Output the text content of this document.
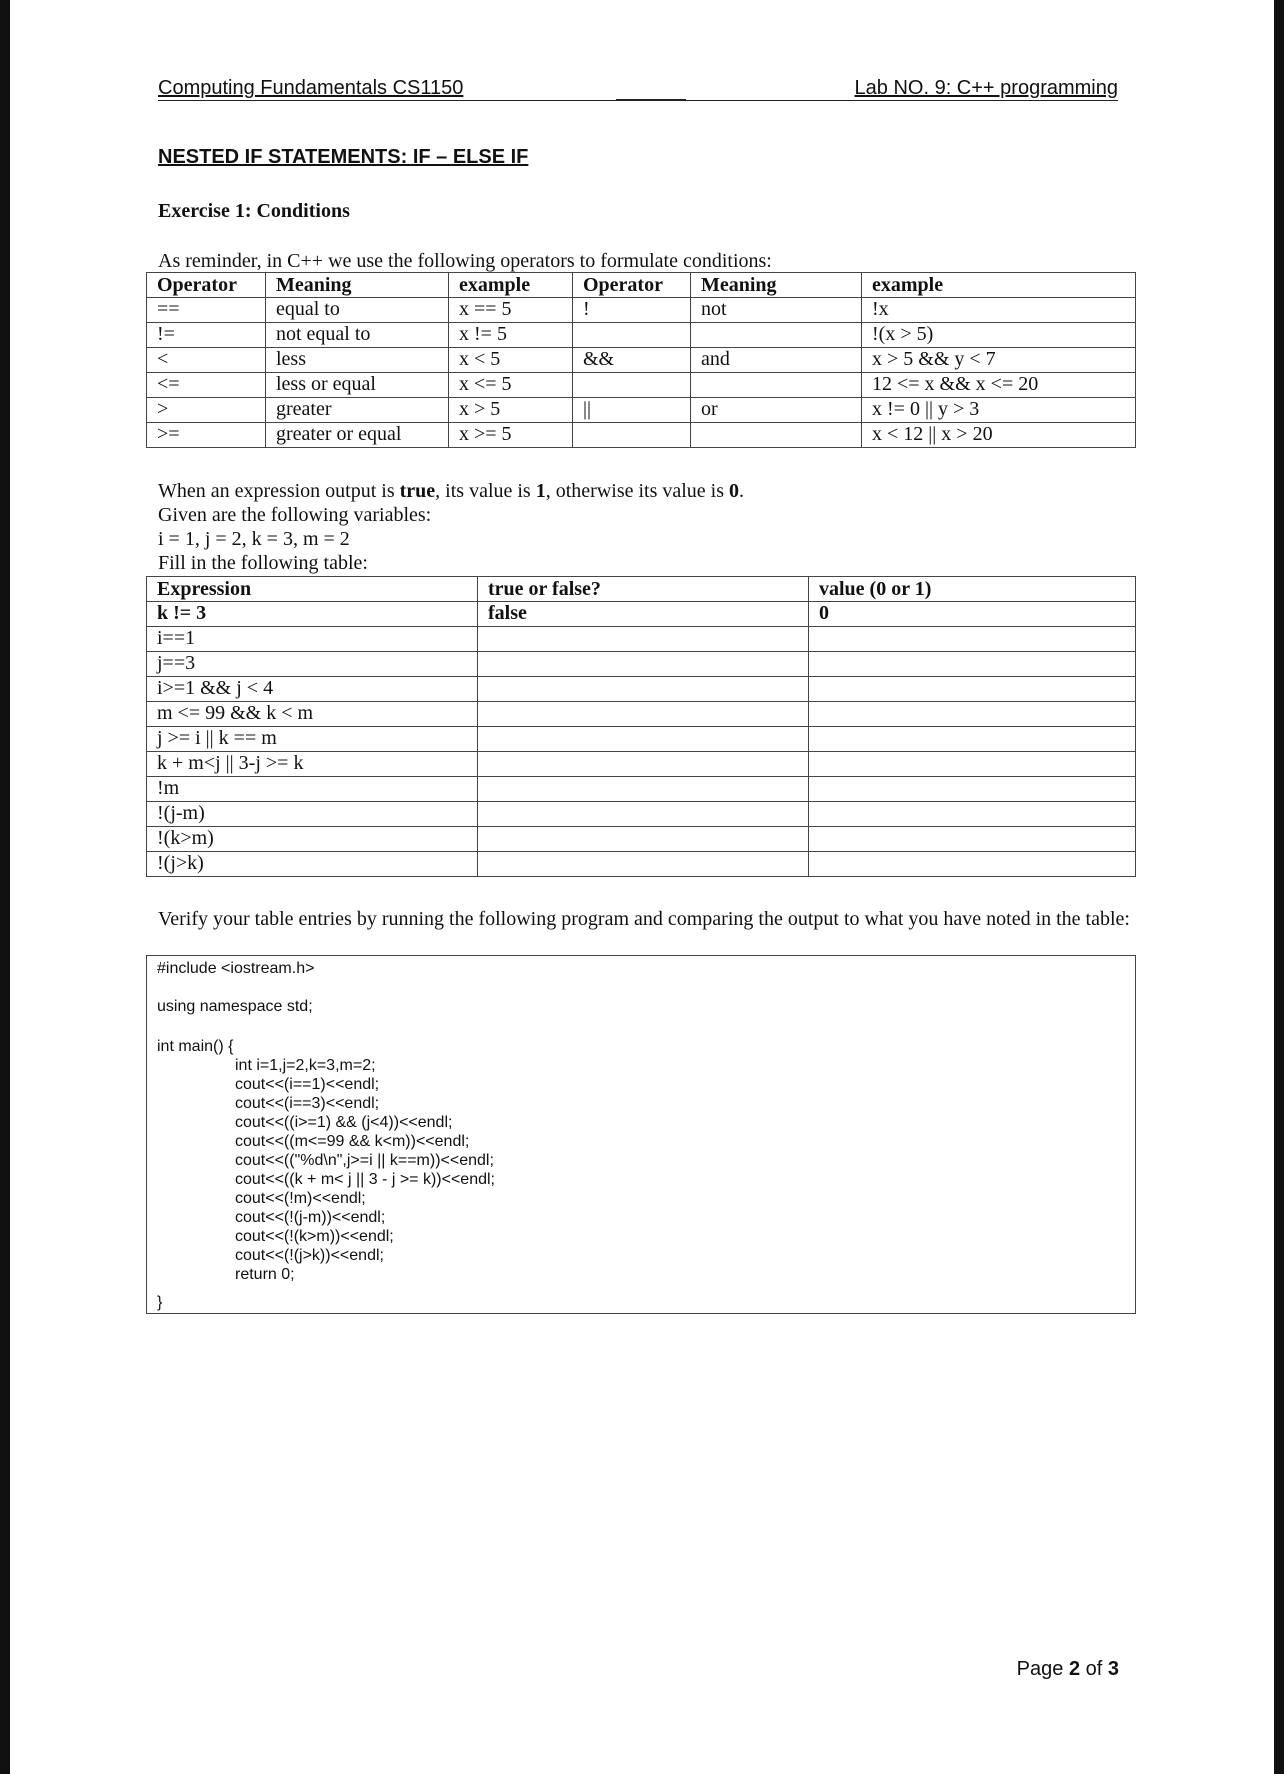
Computing Fundamentals CS1150	Lab NO. 9: C++ programming
NESTED IF STATEMENTS: IF – ELSE IF
Exercise 1: Conditions
As reminder, in C++ we use the following operators to formulate conditions:
Operator	Meaning	example	Operator	Meaning	example
==	equal to	x == 5	!	not	!x
!=	not equal to	x != 5			!(x > 5)
<	less	x < 5	&&	and	x > 5 && y < 7
<=	less or equal	x <= 5			12 <= x && x <= 20
>	greater	x > 5	||	or	x != 0 || y > 3
>=	greater or equal	x >= 5			x < 12 || x > 20
When an expression output is true, its value is 1, otherwise its value is 0.
Given are the following variables:
i = 1, j = 2, k = 3, m = 2
Fill in the following table:
Expression	true or false?	value (0 or 1)
k != 3	false	0
i==1		
j==3		
i>=1 && j < 4		
m <= 99 && k < m		
j >= i || k == m		
k + m<j || 3-j >= k		
!m		
!(j-m)		
!(k>m)		
!(j>k)		
Verify your table entries by running the following program and comparing the output to what you have noted in the table:
#include <iostream.h>
using namespace std;
int main() {
int i=1,j=2,k=3,m=2;
cout<<(i==1)<<endl;
cout<<(i==3)<<endl;
cout<<((i>=1) && (j<4))<<endl;
cout<<((m<=99 && k<m))<<endl;
cout<<(("%d\n",j>=i || k==m))<<endl;
cout<<((k + m< j || 3 - j >= k))<<endl;
cout<<(!m)<<endl;
cout<<(!(j-m))<<endl;
cout<<(!(k>m))<<endl;
cout<<(!(j>k))<<endl;
return 0;
}
Page 2 of 3
